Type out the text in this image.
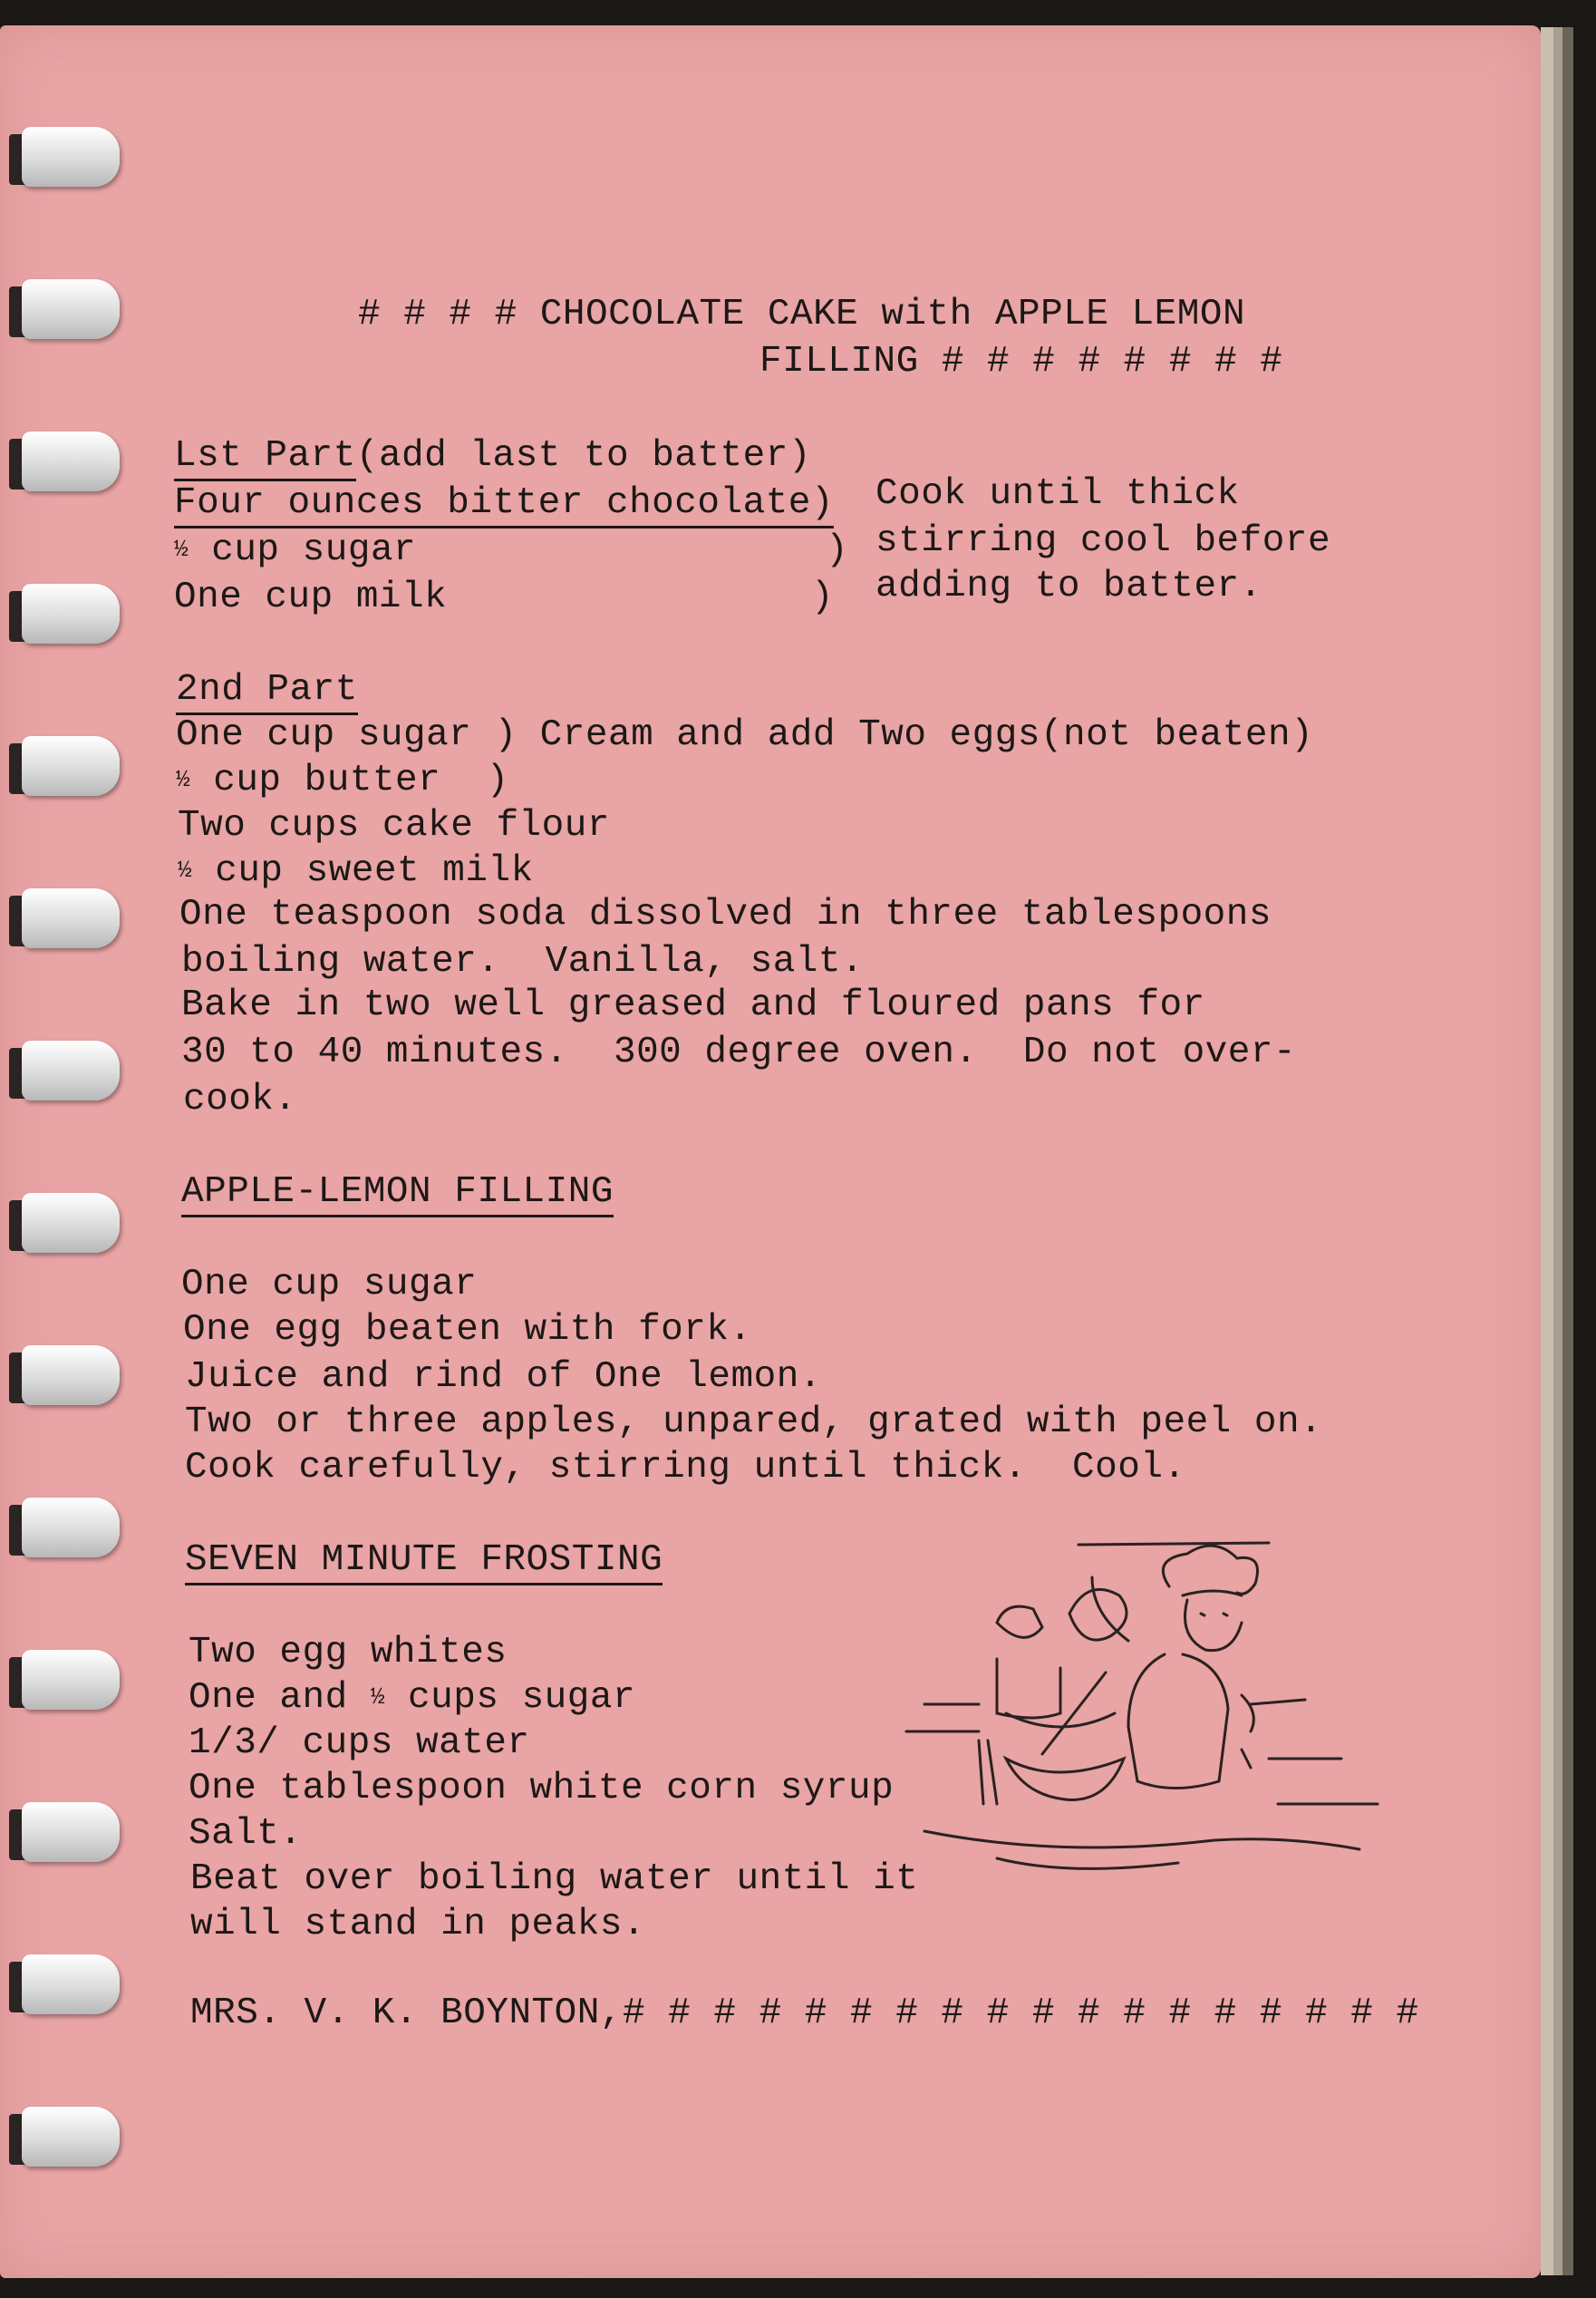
# # # # CHOCOLATE CAKE with APPLE LEMON
FILLING # # # # # # # #
Lst Part(add last to batter)
Four ounces bitter chocolate)
½ cup sugar                  )
One cup milk                )
Cook until thick
stirring cool before
adding to batter.
2nd Part
One cup sugar ) Cream and add Two eggs(not beaten)
½ cup butter  )
Two cups cake flour
½ cup sweet milk
One teaspoon soda dissolved in three tablespoons
boiling water.  Vanilla, salt.
Bake in two well greased and floured pans for
30 to 40 minutes.  300 degree oven.  Do not over-
cook.
APPLE-LEMON FILLING
One cup sugar
One egg beaten with fork.
Juice and rind of One lemon.
Two or three apples, unpared, grated with peel on.
Cook carefully, stirring until thick.  Cool.
SEVEN MINUTE FROSTING
Two egg whites
One and ½ cups sugar
1/3/ cups water
One tablespoon white corn syrup
Salt.
Beat over boiling water until it
will stand in peaks.
MRS. V. K. BOYNTON,# # # # # # # # # # # # # # # # # #
